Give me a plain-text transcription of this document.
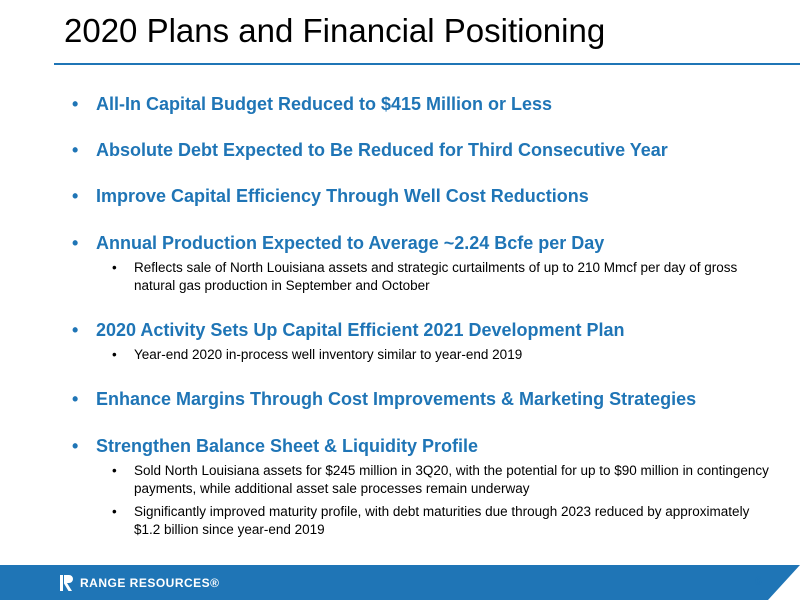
2020 Plans and Financial Positioning
• All-In Capital Budget Reduced to $415 Million or Less
• Absolute Debt Expected to Be Reduced for Third Consecutive Year
• Improve Capital Efficiency Through Well Cost Reductions
• Annual Production Expected to Average ~2.24 Bcfe per Day
• Reflects sale of North Louisiana assets and strategic curtailments of up to 210 Mmcf per day of gross natural gas production in September and October
• 2020 Activity Sets Up Capital Efficient 2021 Development Plan
• Year-end 2020 in-process well inventory similar to year-end 2019
• Enhance Margins Through Cost Improvements & Marketing Strategies
• Strengthen Balance Sheet & Liquidity Profile
• Sold North Louisiana assets for $245 million in 3Q20, with the potential for up to $90 million in contingency payments, while additional asset sale processes remain underway
• Significantly improved maturity profile, with debt maturities due through 2023 reduced by approximately $1.2 billion since year-end 2019
RANGE RESOURCES®	6
